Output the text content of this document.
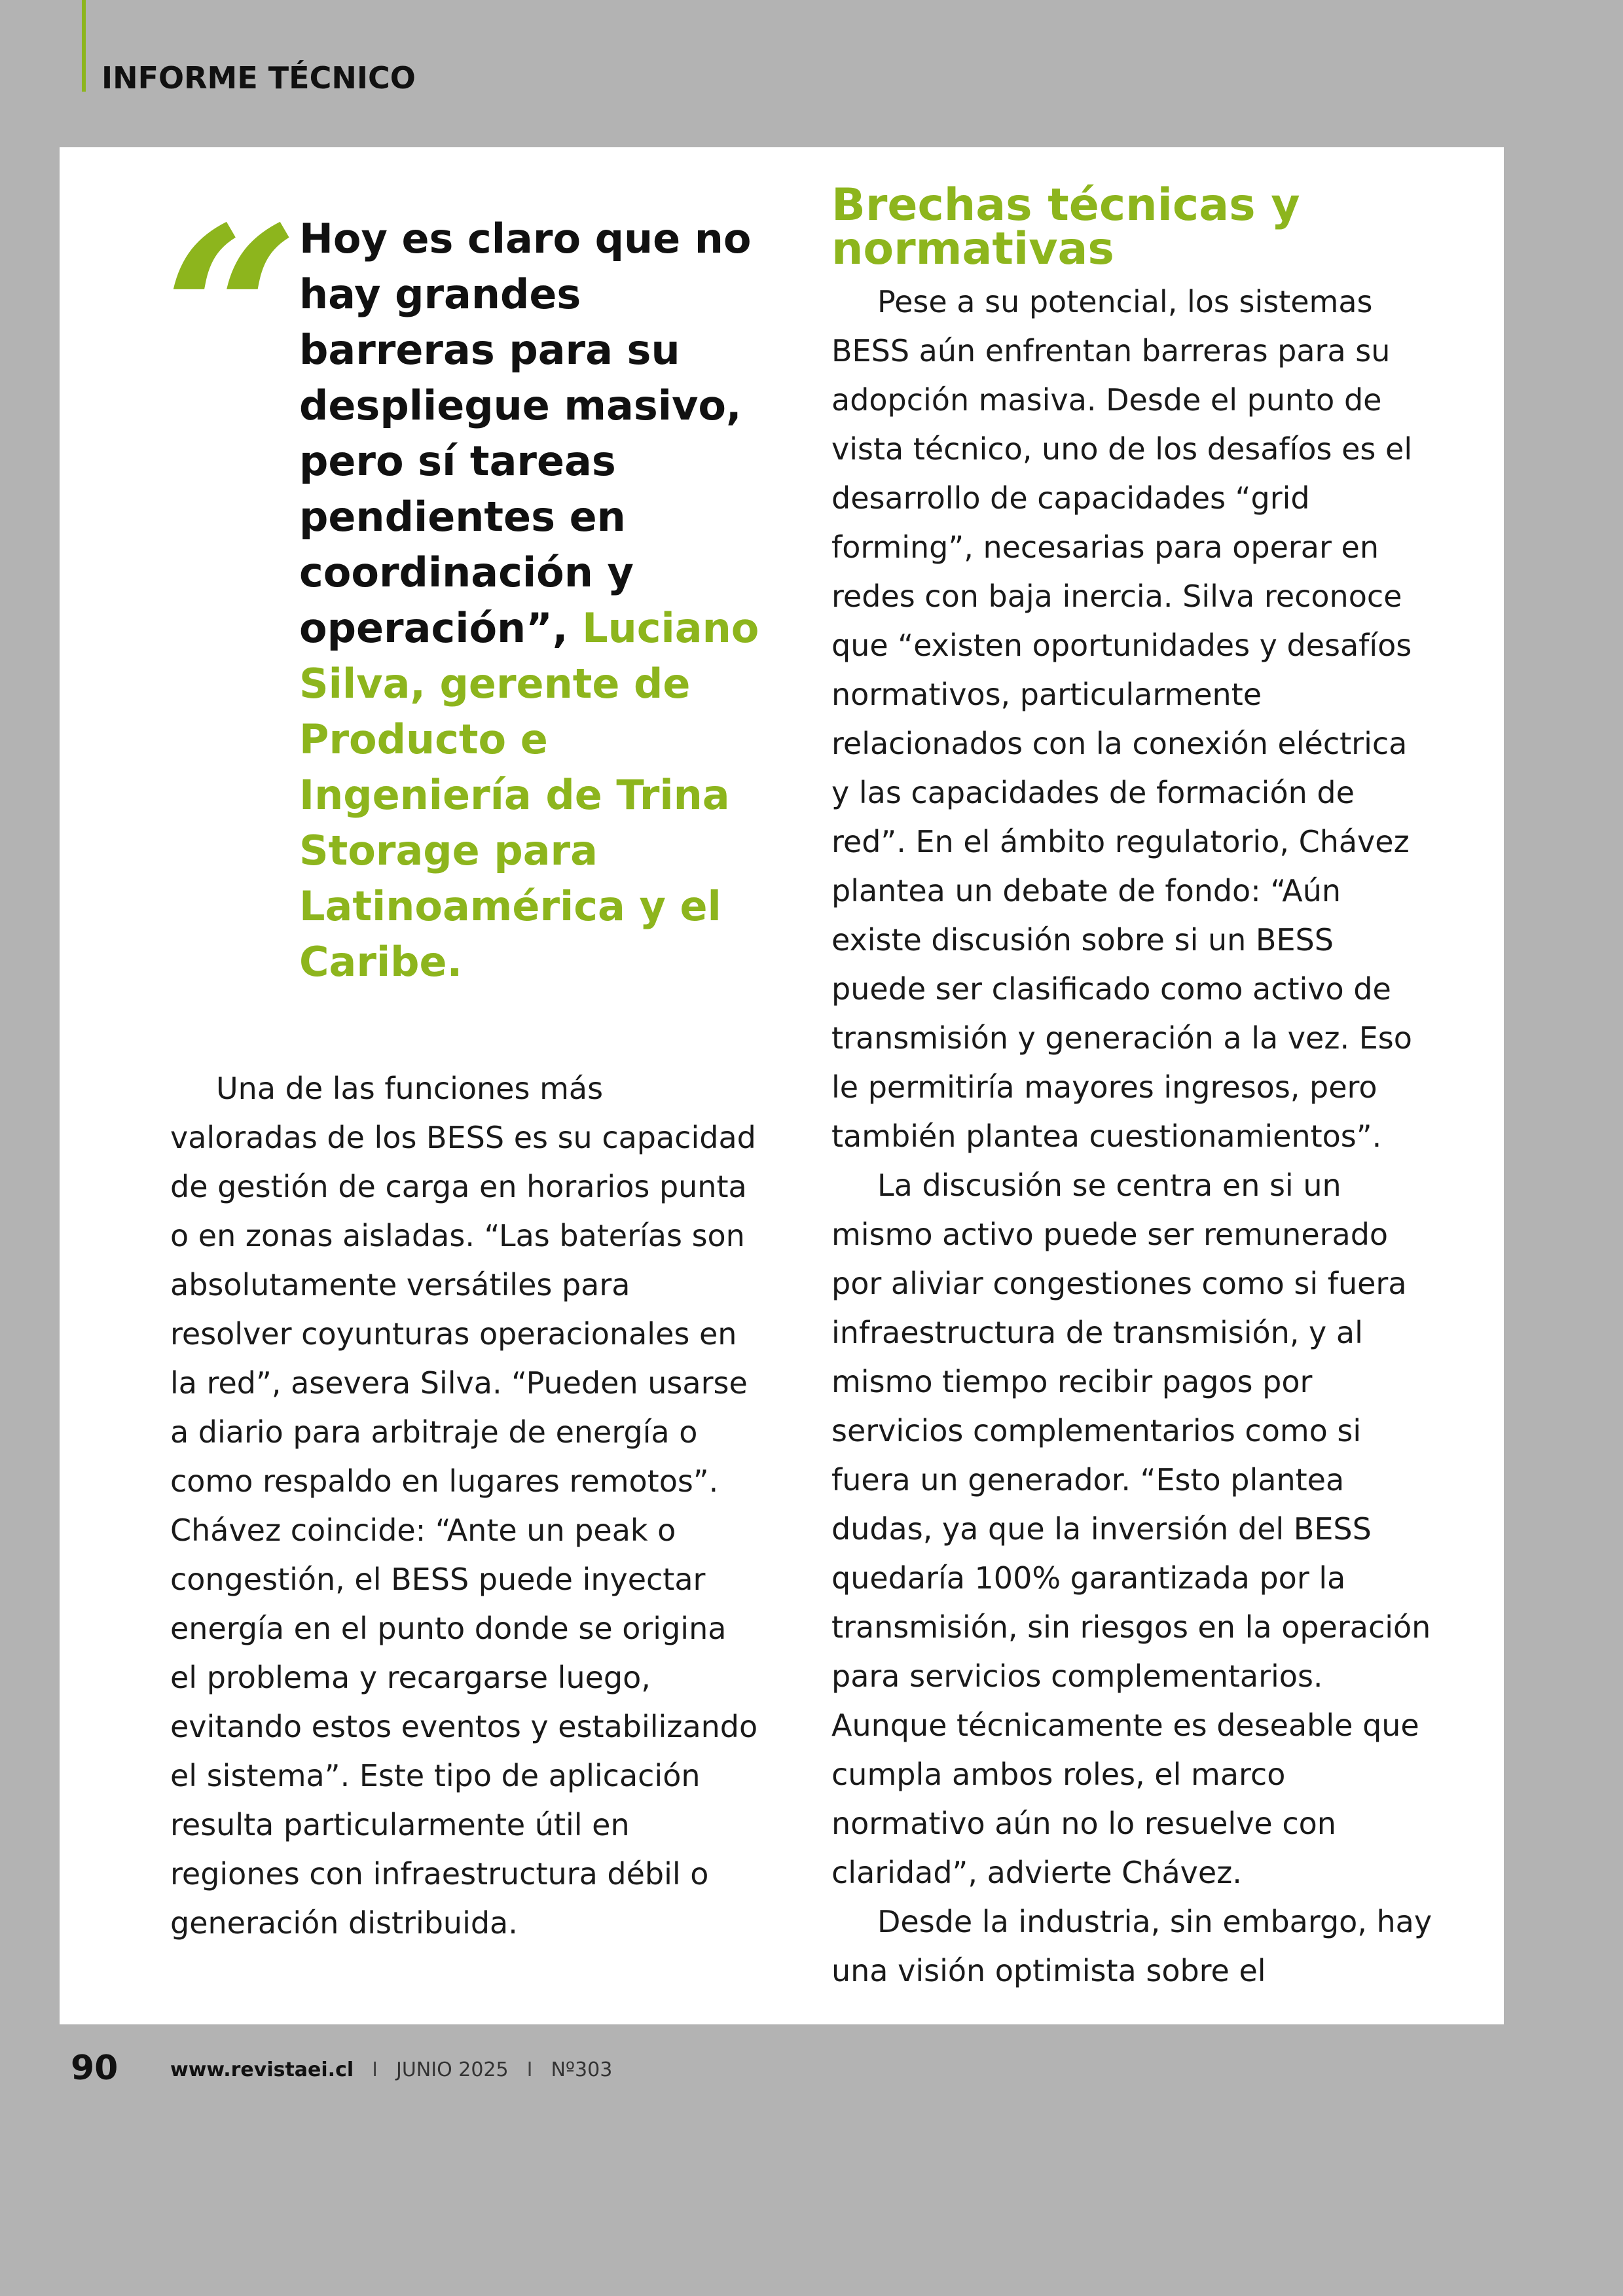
INFORME TÉCNICO
“ Hoy es claro que no hay grandes barreras para su despliegue masivo, pero sí tareas pendientes en coordinación y operación”, Luciano Silva, gerente de Producto e Ingeniería de Trina Storage para Latinoamérica y el Caribe.

Una de las funciones más valoradas de los BESS es su capacidad de gestión de carga en horarios punta o en zonas aisladas. “Las baterías son absolutamente versátiles para resolver coyunturas operacionales en la red”, asevera Silva. “Pueden usarse a diario para arbitraje de energía o como respaldo en lugares remotos”. Chávez coincide: “Ante un peak o congestión, el BESS puede inyectar energía en el punto donde se origina el problema y recargarse luego, evitando estos eventos y estabilizando el sistema”. Este tipo de aplicación resulta particularmente útil en regiones con infraestructura débil o generación distribuida.

Brechas técnicas y normativas

Pese a su potencial, los sistemas BESS aún enfrentan barreras para su adopción masiva. Desde el punto de vista técnico, uno de los desafíos es el desarrollo de capacidades “grid forming”, necesarias para operar en redes con baja inercia. Silva reconoce que “existen oportunidades y desafíos normativos, particularmente relacionados con la conexión eléctrica y las capacidades de formación de red”. En el ámbito regulatorio, Chávez plantea un debate de fondo: “Aún existe discusión sobre si un BESS puede ser clasificado como activo de transmisión y generación a la vez. Eso le permitiría mayores ingresos, pero también plantea cuestionamientos”.

La discusión se centra en si un mismo activo puede ser remunerado por aliviar congestiones como si fuera infraestructura de transmisión, y al mismo tiempo recibir pagos por servicios complementarios como si fuera un generador. “Esto plantea dudas, ya que la inversión del BESS quedaría 100% garantizada por la transmisión, sin riesgos en la operación para servicios complementarios. Aunque técnicamente es deseable que cumpla ambos roles, el marco normativo aún no lo resuelve con claridad”, advierte Chávez.

Desde la industria, sin embargo, hay una visión optimista sobre el

90	www.revistaei.cl I JUNIO 2025 I Nº303
